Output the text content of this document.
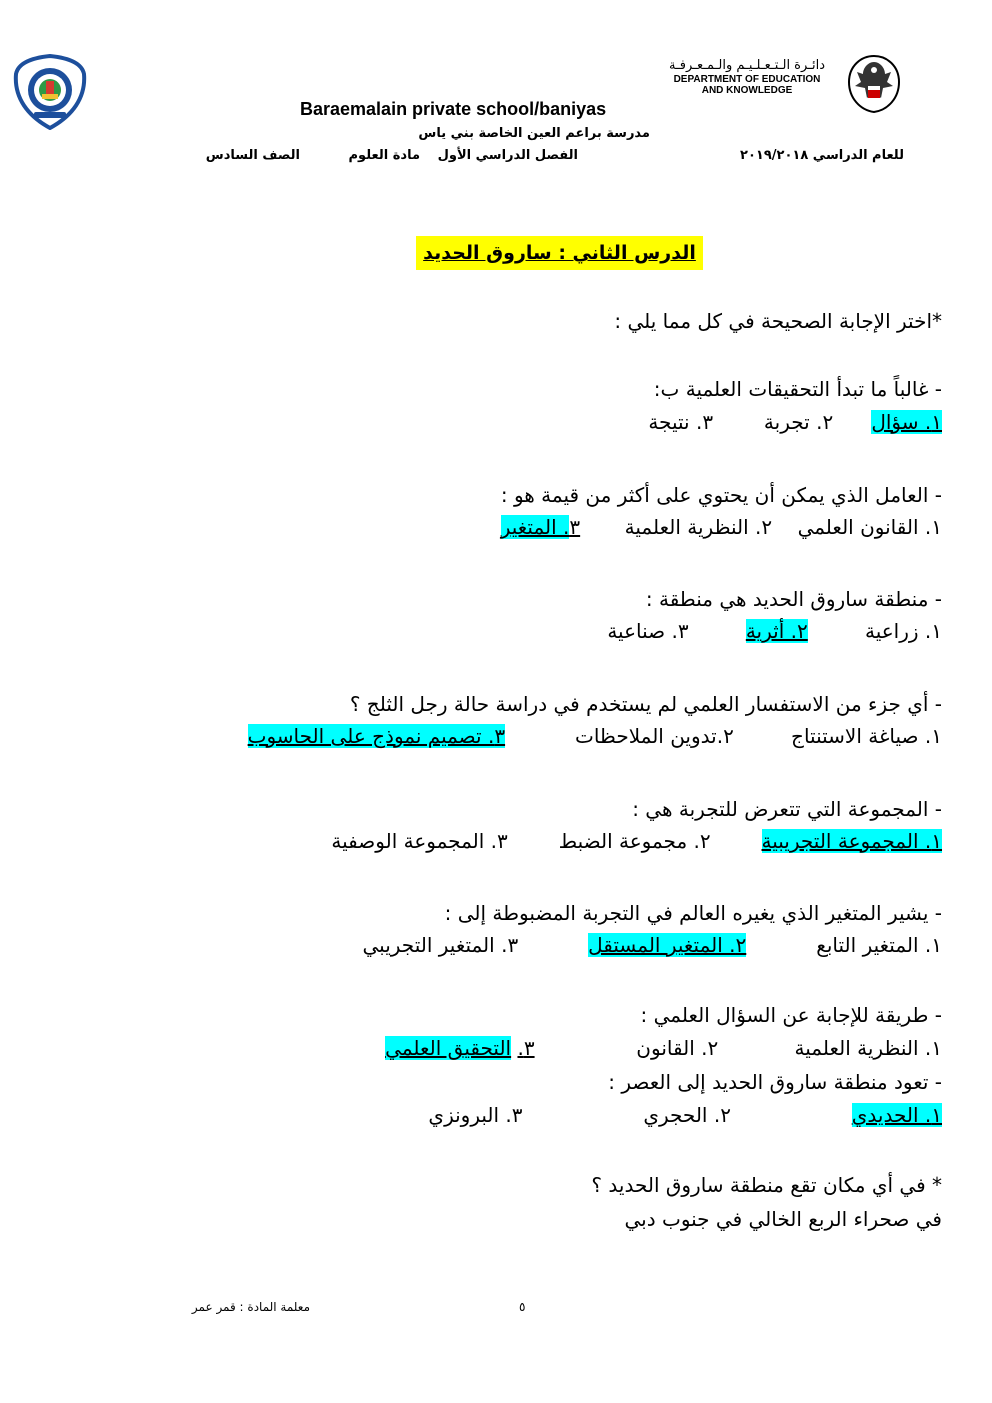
دائـرة الـتـعـلـيـم والـمـعـرفـة
DEPARTMENT OF EDUCATION
AND KNOWLEDGE
Baraemalain private school/baniyas
مدرسة براعم العين الخاصة بني ياس
للعام الدراسي ٢٠١٩/٢٠١٨
الفصل الدراسي الأول
مادة العلوم
الصف السادس
الدرس الثاني : ساروق الحديد
*اختر الإجابة الصحيحة في كل مما يلي :
- غالباً ما تبدأ التحقيقات العلمية ب:
١. سؤال      ٢. تجربة        ٣. نتيجة
- العامل الذي يمكن أن يحتوي على أكثر من قيمة هو :
١. القانون العلمي    ٢. النظرية العلمية       ٣. المتغير
- منطقة ساروق الحديد هي منطقة :
١. زراعية         ٢. أثرية         ٣. صناعية
- أي جزء من الاستفسار العلمي لم يستخدم في دراسة حالة رجل الثلج ؟
١. صياغة الاستنتاج         ٢.تدوين الملاحظات           ٣. تصميم نموذج على الحاسوب
- المجموعة التي تتعرض للتجربة هي :
١. المجموعة التجريبية        ٢. مجموعة الضبط        ٣. المجموعة الوصفية
- يشير المتغير الذي يغيره العالم في التجربة المضبوطة إلى :
١. المتغير التابع           ٢. المتغير المستقل           ٣. المتغير التجريبي
- طريقة للإجابة عن السؤال العلمي :
١. النظرية العلمية            ٢. القانون                ٣. التحقيق العلمي
- تعود منطقة ساروق الحديد إلى العصر :
١. الحديدي                   ٢. الحجري                   ٣. البرونزي
* في أي مكان تقع منطقة ساروق الحديد ؟
في صحراء الربع الخالي في جنوب دبي
٥
معلمة المادة : قمر عمر
